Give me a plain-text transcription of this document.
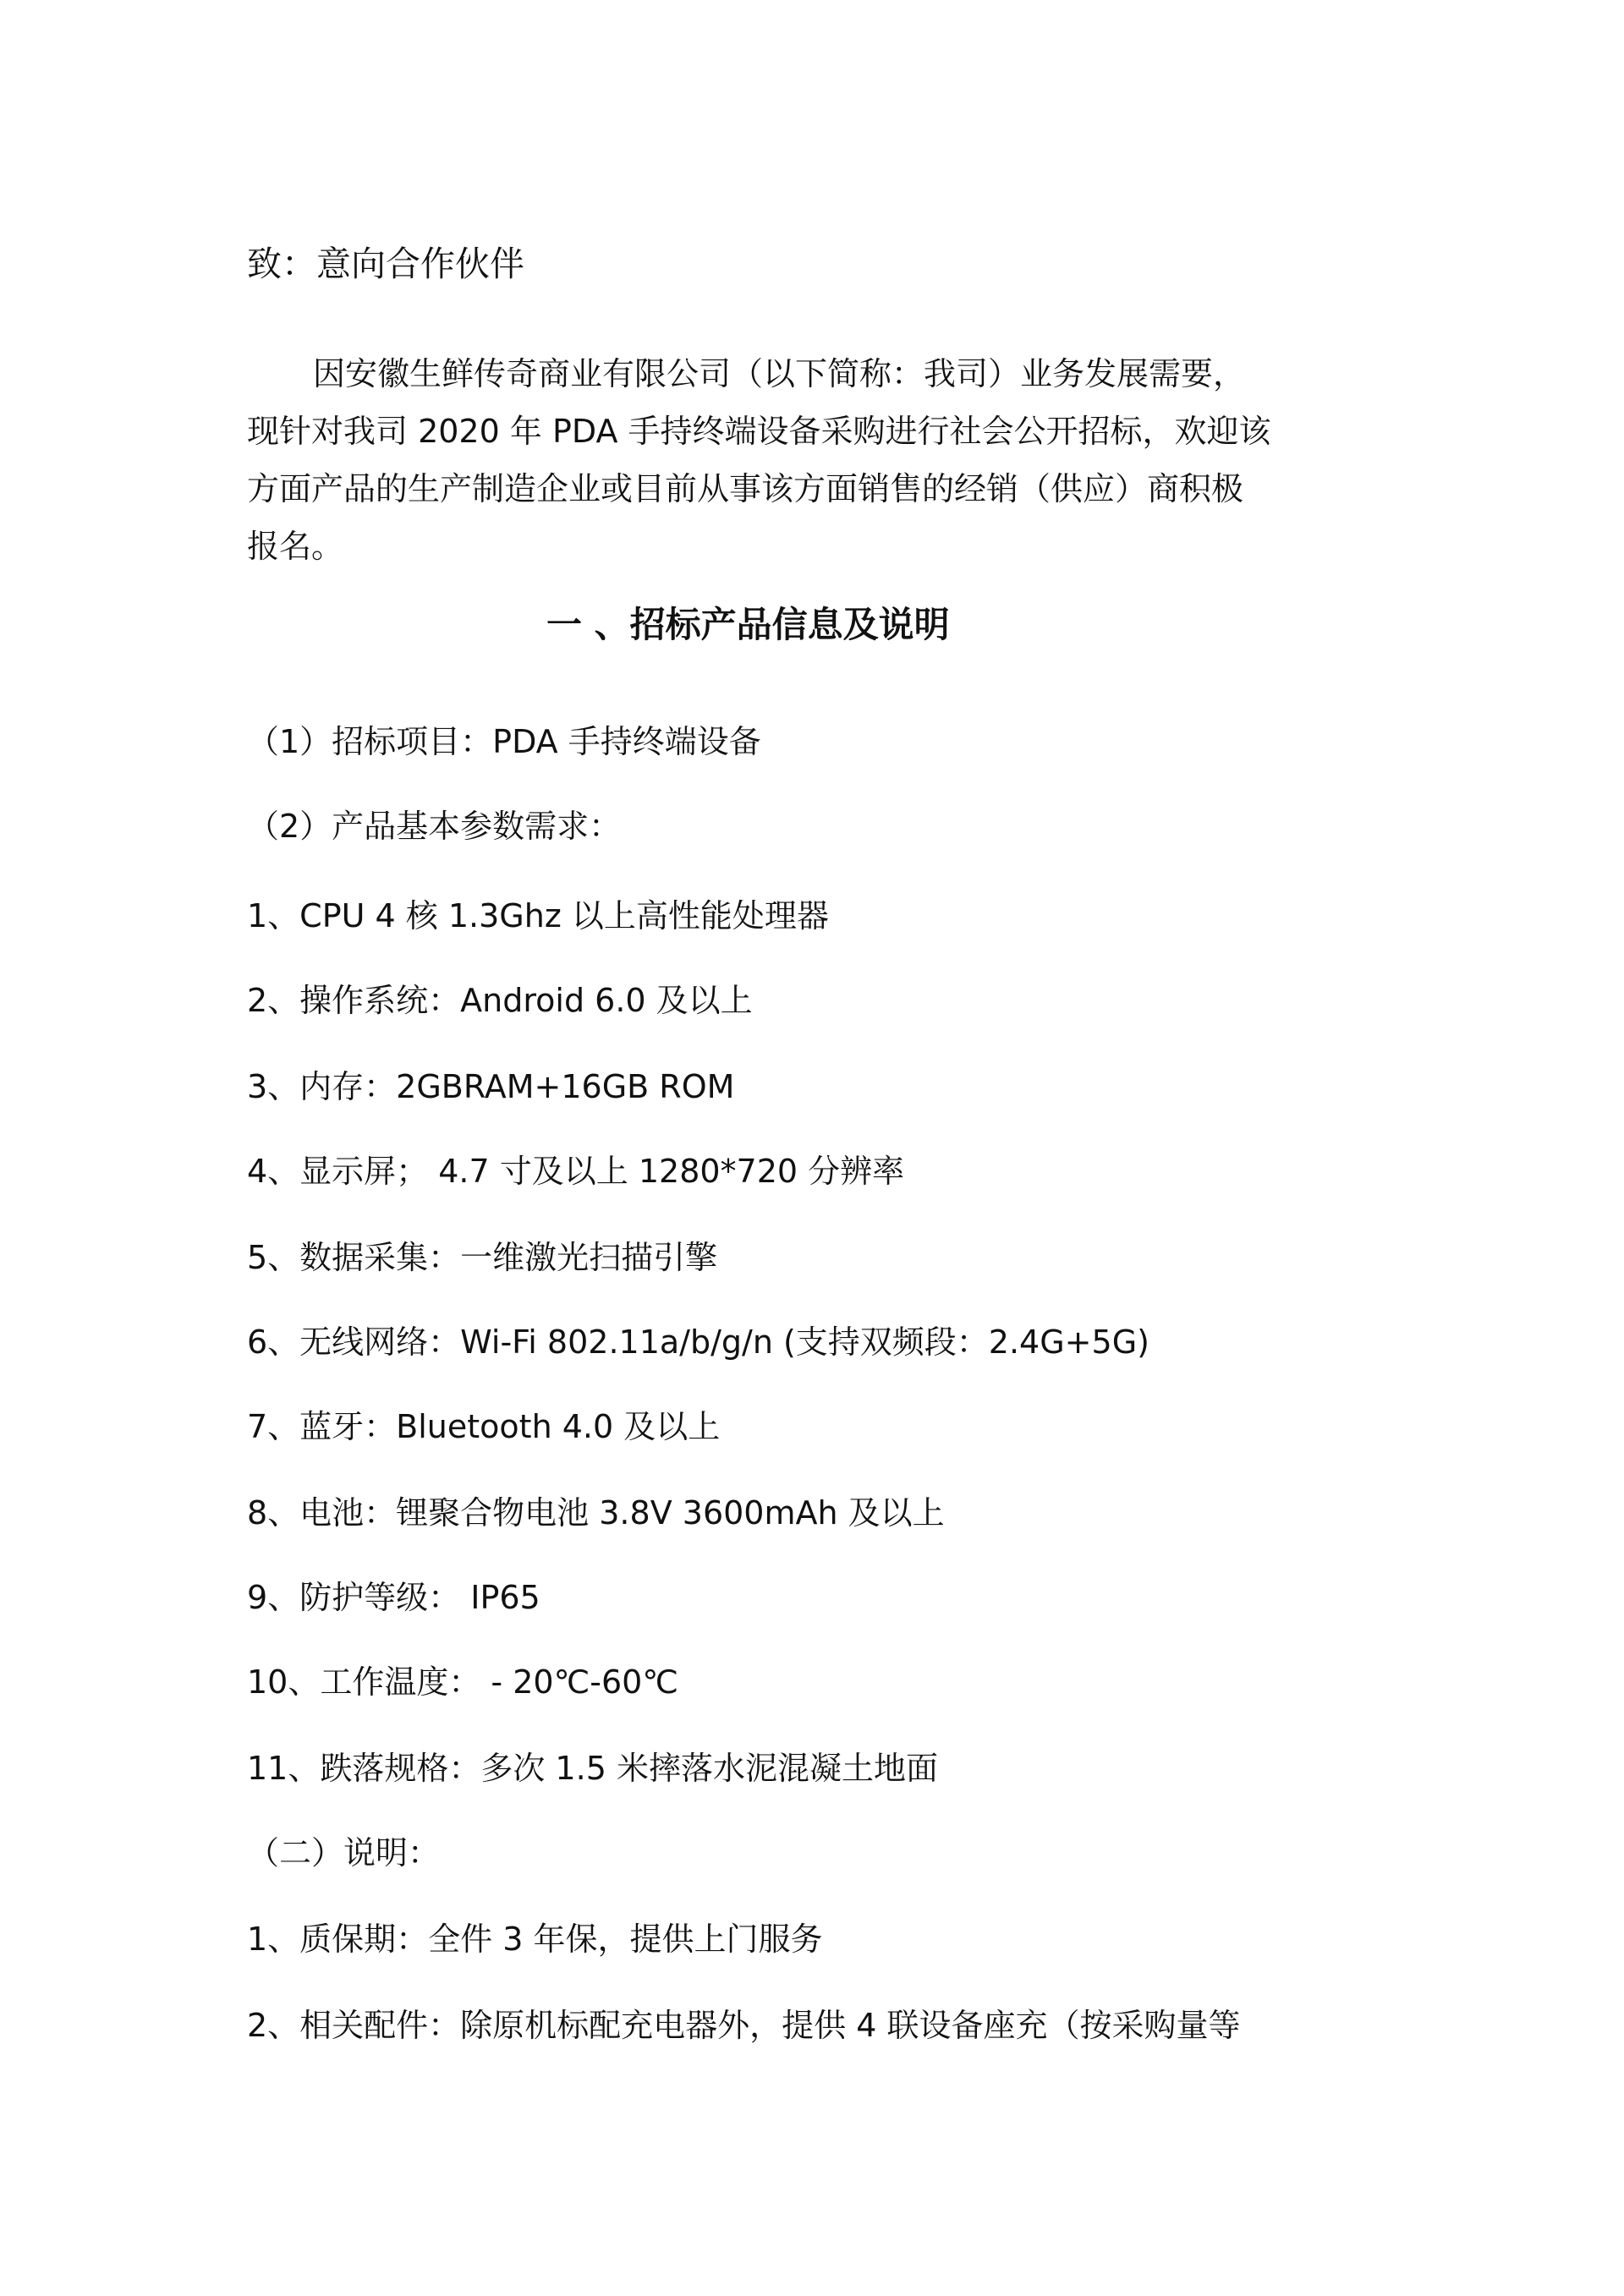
致：意向合作伙伴

因安徽生鲜传奇商业有限公司（以下简称：我司）业务发展需要，

现针对我司 2020 年 PDA 手持终端设备采购进行社会公开招标，欢迎该

方面产品的生产制造企业或目前从事该方面销售的经销（供应）商积极

报名。

一 、招标产品信息及说明
（1）招标项目：PDA 手持终端设备
（2）产品基本参数需求：
1、CPU 4 核 1.3Ghz 以上高性能处理器
2、操作系统：Android 6.0 及以上
3、内存：2GBRAM+16GB ROM
4、显示屏； 4.7 寸及以上 1280*720 分辨率
5、数据采集：一维激光扫描引擎
6、无线网络：Wi-Fi 802.11a/b/g/n (支持双频段：2.4G+5G)
7、蓝牙：Bluetooth 4.0 及以上
8、电池：锂聚合物电池 3.8V 3600mAh 及以上
9、防护等级： IP65
10、工作温度： - 20℃-60℃
11、跌落规格：多次 1.5 米摔落水泥混凝土地面
（二）说明：
1、质保期：全件 3 年保，提供上门服务
2、相关配件：除原机标配充电器外，提供 4 联设备座充（按采购量等
